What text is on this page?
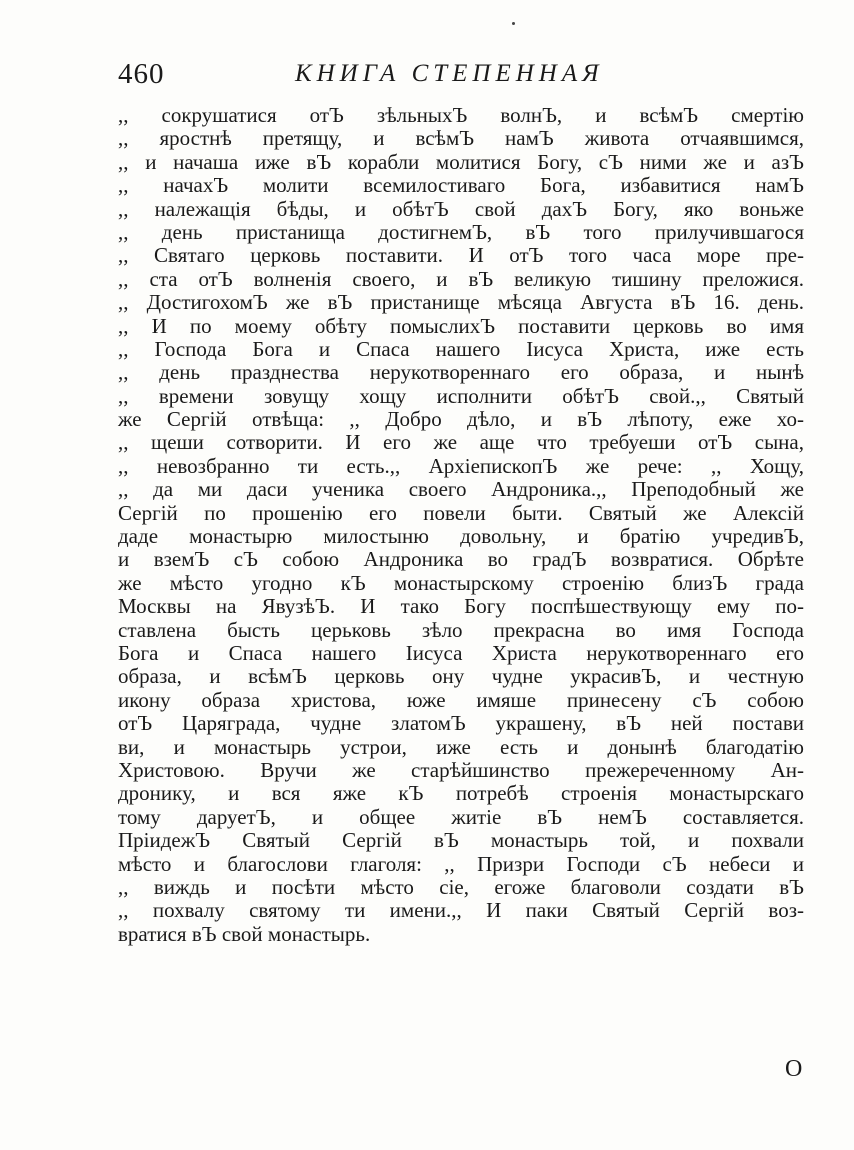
460	КНИГА СТЕПЕННАЯ
,, сокрушатися отЪ зѣльныхЪ волнЪ, и всѣмЪ смертію
,, яростнѣ претящу, и всѣмЪ намЪ живота отчаявшимся,
,, и начаша иже вЪ корабли молитися Богу, сЪ ними же и азЪ
,, начахЪ молити всемилостиваго Бога, избавитися намЪ
,, належащія бѣды, и обѣтЪ свой дахЪ Богу, яко воньже
,, день пристанища достигнемЪ, вЪ того прилучившагося
,, Святаго церковь поставити. И отЪ того часа море пре-
,, ста отЪ волненія своего, и вЪ великую тишину преложися.
,, ДостигохомЪ же вЪ пристанище мѣсяца Августа вЪ 16. день.
,, И по моему обѣту помыслихЪ поставити церковь во имя
,, Господа Бога и Спаса нашего Іисуса Христа, иже есть
,, день празднества нерукотвореннаго его образа, и нынѣ
,, времени зовущу хощу исполнити обѣтЪ свой.,, Святый
же Сергій отвѣща: ,, Добро дѣло, и вЪ лѣпоту, еже хо-
,, щеши сотворити. И его же аще что требуеши отЪ сына,
,, невозбранно ти есть.,, АрхіепископЪ же рече: ,, Хощу,
,, да ми даси ученика своего Андроника.,, Преподобный же
Сергій по прошенію его повели быти. Святый же Алексій
даде монастырю милостыню довольну, и братію учредивЪ,
и вземЪ сЪ собою Андроника во градЪ возвратися. Обрѣте
же мѣсто угодно кЪ монастырскому строенію близЪ града
Москвы на ЯвузѣЪ. И тако Богу поспѣшествующу ему по-
ставлена бысть церьковь зѣло прекрасна во имя Господа
Бога и Спаса нашего Іисуса Христа нерукотвореннаго его
образа, и всѣмЪ церковь ону чудне украсивЪ, и честную
икону образа христова, юже имяше принесену сЪ собою
отЪ Царяграда, чудне златомЪ украшену, вЪ ней постави
ви, и монастырь устрои, иже есть и донынѣ благодатію
Христовою. Вручи же старѣйшинство прежереченному Ан-
дронику, и вся яже кЪ потребѣ строенія монастырскаго
тому даруетЪ, и общее житіе вЪ немЪ составляется.
ПріидежЪ Святый Сергій вЪ монастырь той, и похвали
мѣсто и благослови глаголя: ,, Призри Господи сЪ небеси и
,, виждь и посѣти мѣсто сіе, егоже благоволи создати вЪ
,, похвалу святому ти имени.,, И паки Святый Сергій воз-
вратися вЪ свой монастырь.
О
